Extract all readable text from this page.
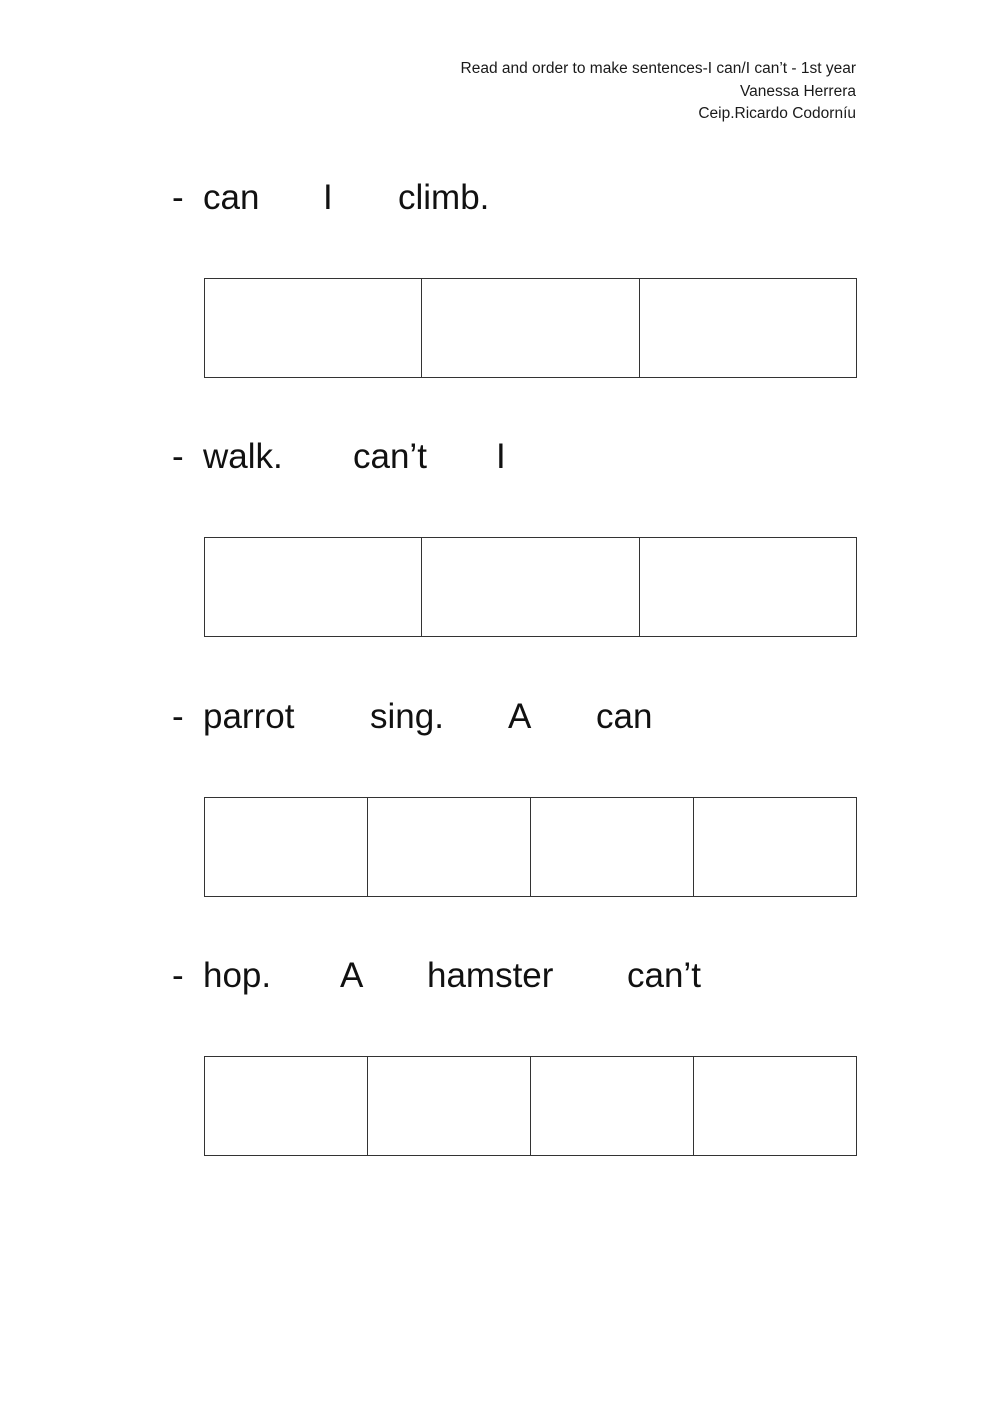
Read and order to make sentences-I can/I can’t - 1st year
Vanessa Herrera
Ceip.Ricardo Codorníu
- can I climb.
- walk. can’t I
- parrot sing. A can
- hop. A hamster can’t
